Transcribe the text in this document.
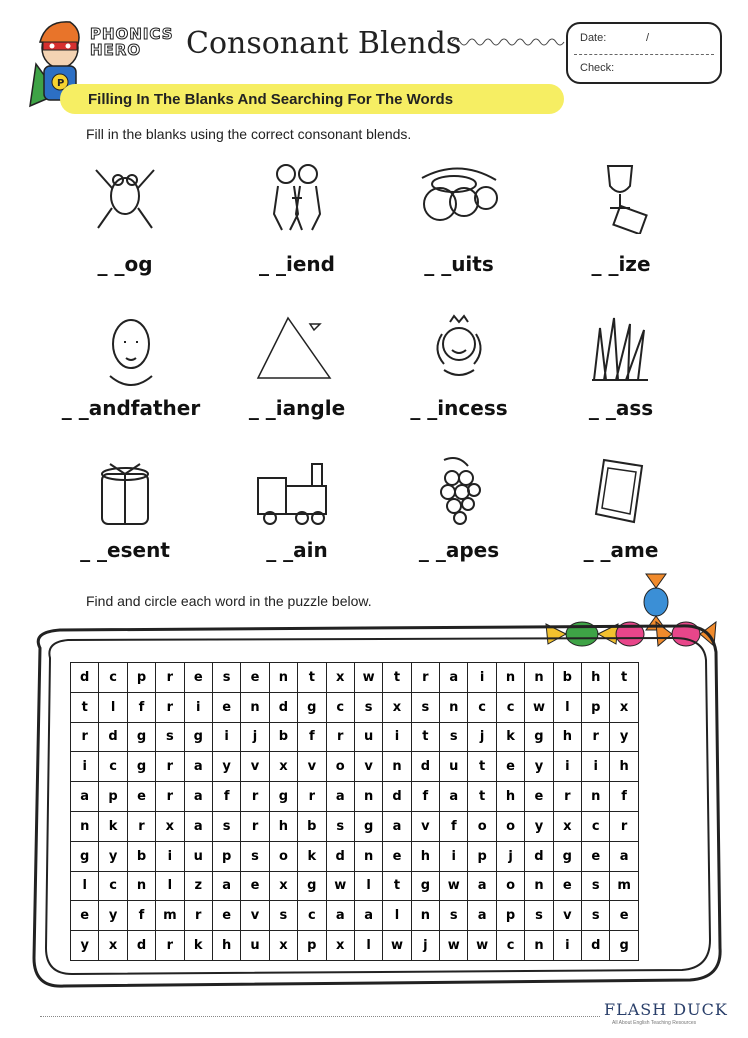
P
PHONICS
HERO	Consonant Blends	Date:	/
Check:
Filling In The Blanks And Searching For The Words
Fill in the blanks using the correct consonant blends.
_ _og	_ _iend	_ _uits	_ _ize
_ _andfather	_ _iangle	_ _incess	_ _ass
_ _esent	_ _ain	_ _apes	_ _ame
Find and circle each word in the puzzle below.
d	c	p	r	e	s	e	n	t	x	w	t	r	a	i	n	n	b	h	t
t	l	f	r	i	e	n	d	g	c	s	x	s	n	c	c	w	l	p	x
r	d	g	s	g	i	j	b	f	r	u	i	t	s	j	k	g	h	r	y
i	c	g	r	a	y	v	x	v	o	v	n	d	u	t	e	y	i	i	h
a	p	e	r	a	f	r	g	r	a	n	d	f	a	t	h	e	r	n	f
n	k	r	x	a	s	r	h	b	s	g	a	v	f	o	o	y	x	c	r
g	y	b	i	u	p	s	o	k	d	n	e	h	i	p	j	d	g	e	a
l	c	n	l	z	a	e	x	g	w	l	t	g	w	a	o	n	e	s	m
e	y	f	m	r	e	v	s	c	a	a	l	n	s	a	p	s	v	s	e
y	x	d	r	k	h	u	x	p	x	l	w	j	w	w	c	n	i	d	g
FLASH DUCK
All About English Teaching Resources
